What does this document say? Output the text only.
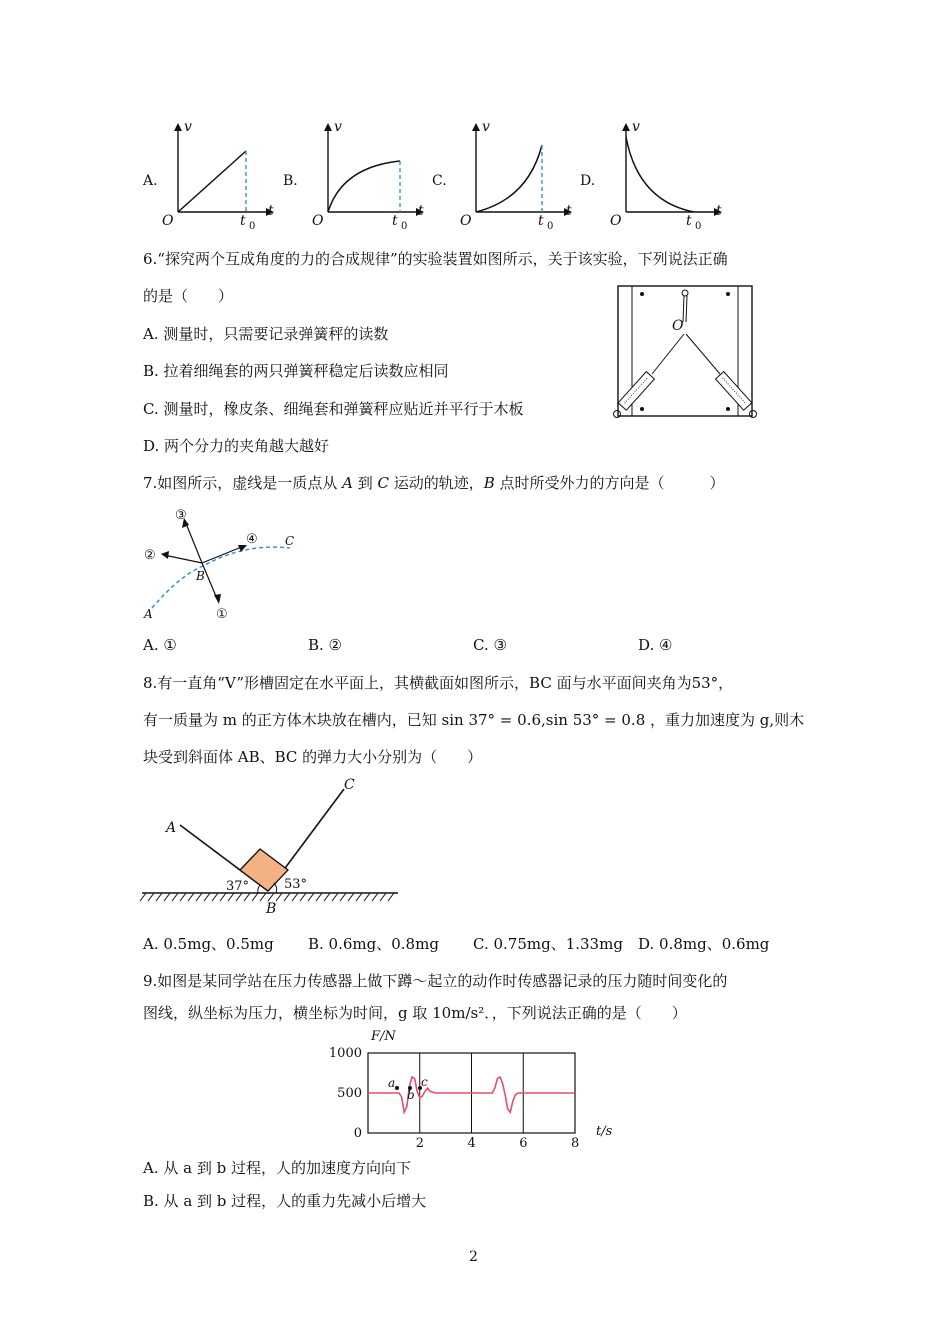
A.	B.	C.	D.
v
t
O	t 0
v
t
O	t 0
v
t
O	t 0
v
t
O	t 0
6.“探究两个互成角度的力的合成规律”的实验装置如图所示，关于该实验，下列说法正确
的是（　　）
A. 测量时，只需要记录弹簧秤的读数
B. 拉着细绳套的两只弹簧秤稳定后读数应相同
C. 测量时，橡皮条、细绳套和弹簧秤应贴近并平行于木板
D. 两个分力的夹角越大越好
O
7.如图所示，虚线是一质点从 A 到 C 运动的轨迹，B 点时所受外力的方向是（　　　）
③
②
①
④
B
A
C
A. ①	B. ②	C. ③	D. ④
8.有一直角“V”形槽固定在水平面上，其横截面如图所示，BC 面与水平面间夹角为53°，
有一质量为 m 的正方体木块放在槽内，已知 sin 37° = 0.6,sin 53° = 0.8 ，重力加速度为 g,则木
块受到斜面体 AB、BC 的弹力大小分别为（　　）
A
B
C
37°	53°
A. 0.5mg、0.5mg B. 0.6mg、0.8mg C. 0.75mg、1.33mg D. 0.8mg、0.6mg
9.如图是某同学站在压力传感器上做下蹲～起立的动作时传感器记录的压力随时间变化的
图线，纵坐标为压力，横坐标为时间，g 取 10m/s²．，下列说法正确的是（　　）
2	4	6	8
0
500
1000
F/N
t/s
a
b
c
A. 从 a 到 b 过程，人的加速度方向向下
B. 从 a 到 b 过程，人的重力先减小后增大
2
